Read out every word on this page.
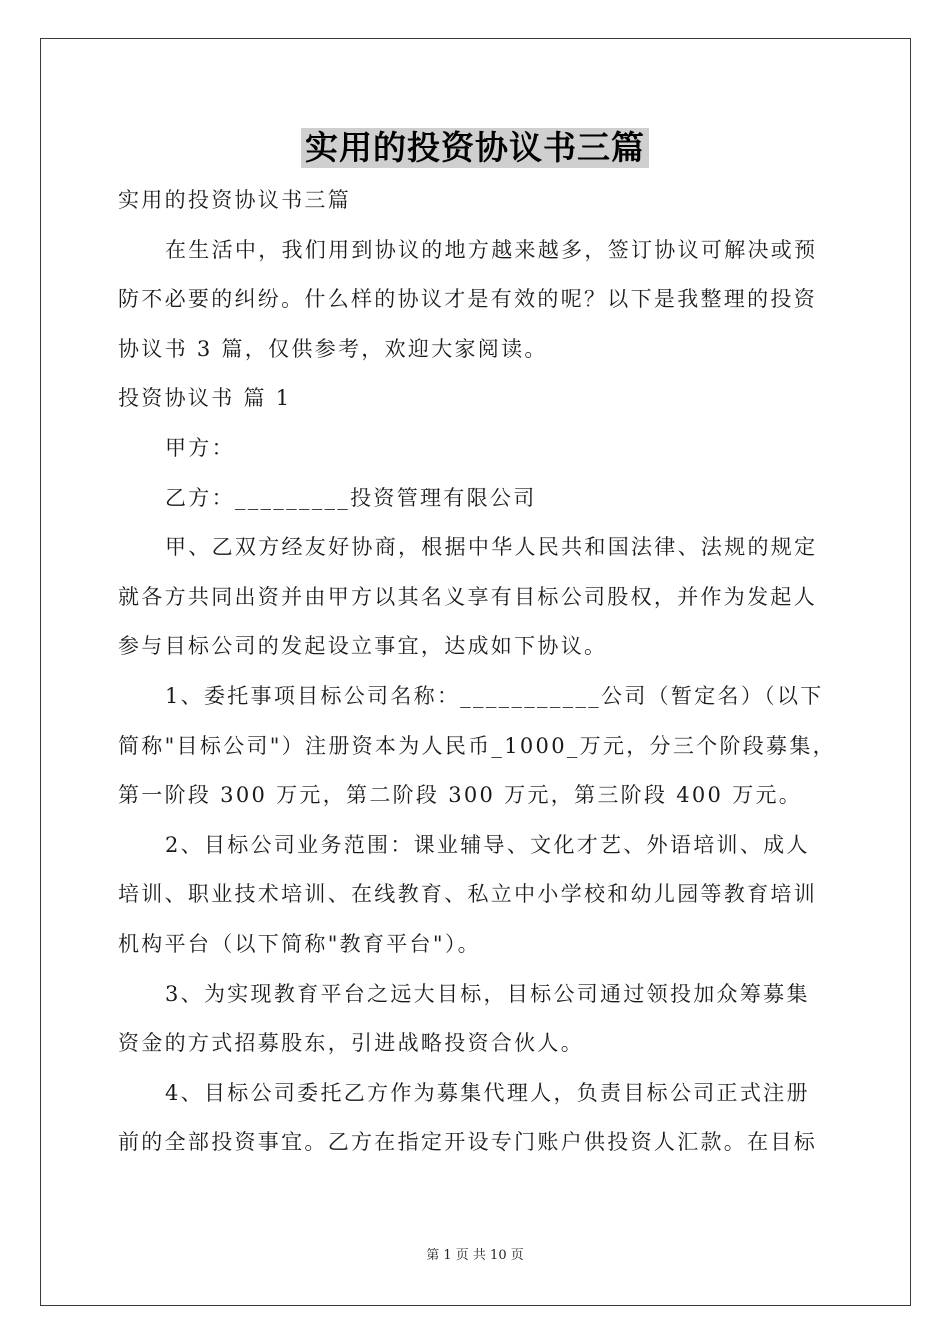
实用的投资协议书三篇
实用的投资协议书三篇
在生活中，我们用到协议的地方越来越多，签订协议可解决或预
防不必要的纠纷。什么样的协议才是有效的呢？以下是我整理的投资
协议书 3 篇，仅供参考，欢迎大家阅读。
投资协议书 篇 1
甲方：
乙方：_________投资管理有限公司
甲、乙双方经友好协商，根据中华人民共和国法律、法规的规定
就各方共同出资并由甲方以其名义享有目标公司股权，并作为发起人
参与目标公司的发起设立事宜，达成如下协议。
1、委托事项目标公司名称：___________公司（暂定名）（以下
简称"目标公司"）注册资本为人民币_1000_万元，分三个阶段募集，
第一阶段 300 万元，第二阶段 300 万元，第三阶段 400 万元。
2、目标公司业务范围：课业辅导、文化才艺、外语培训、成人
培训、职业技术培训、在线教育、私立中小学校和幼儿园等教育培训
机构平台（以下简称"教育平台"）。
3、为实现教育平台之远大目标，目标公司通过领投加众筹募集
资金的方式招募股东，引进战略投资合伙人。
4、目标公司委托乙方作为募集代理人，负责目标公司正式注册
前的全部投资事宜。乙方在指定开设专门账户供投资人汇款。在目标
第 1 页 共 10 页
